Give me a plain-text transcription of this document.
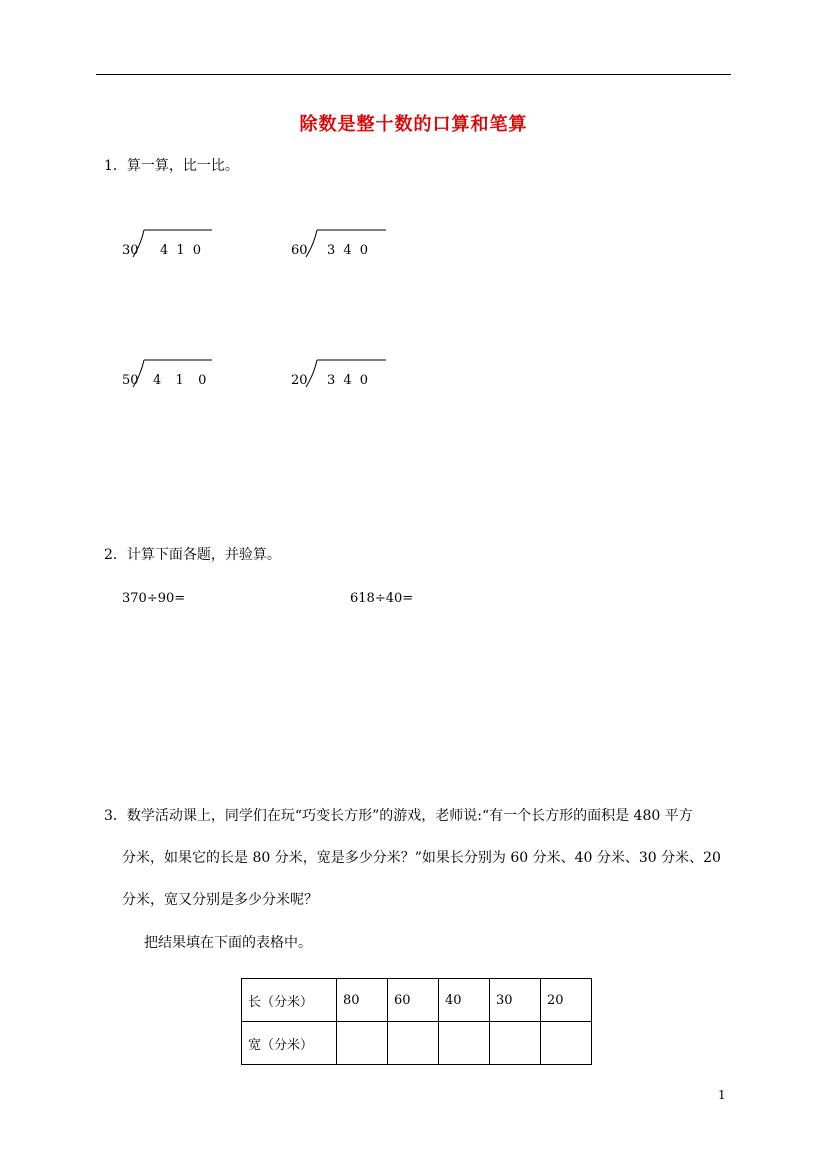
除数是整十数的口算和笔算
1．算一算，比一比。
30 4 1 0	60 3 4 0
50 4  1  0	20 3 4 0
2．计算下面各题，并验算。
370÷90=	618÷40=
3．数学活动课上，同学们在玩“巧变长方形”的游戏，老师说:“有一个长方形的面积是 480 平方
分米，如果它的长是 80 分米，宽是多少分米？”如果长分别为 60 分米、40 分米、30 分米、20
分米，宽又分别是多少分米呢？
把结果填在下面的表格中。
长（分米）	80	60	40	30	20
宽（分米）					
1
